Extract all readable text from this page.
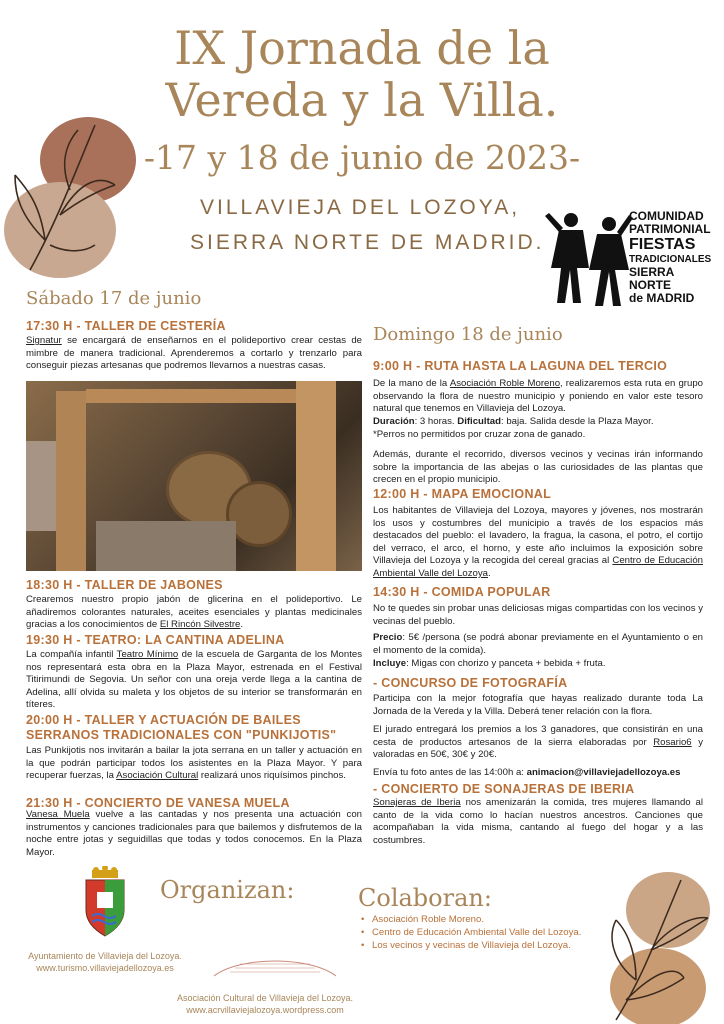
IX Jornada de la
Vereda y la Villa.
-17 y 18 de junio de 2023-
VILLAVIEJA DEL LOZOYA,
SIERRA NORTE DE MADRID.
COMUNIDAD
PATRIMONIAL
FIESTAS
TRADICIONALES
SIERRA NORTE
de MADRID
Sábado 17 de junio
17:30 H - TALLER DE CESTERÍA
Signatur se encargará de enseñarnos en el polideportivo crear cestas de mimbre de manera tradicional. Aprenderemos a cortarlo y trenzarlo para conseguir piezas artesanas que podremos llevarnos a nuestras casas.
18:30 H - TALLER DE JABONES
Crearemos nuestro propio jabón de glicerina en el polideportivo. Le añadiremos colorantes naturales, aceites esenciales y plantas medicinales gracias a los conocimientos de El Rincón Silvestre.
19:30 H - TEATRO: LA CANTINA ADELINA
La compañía infantil Teatro Mínimo de la escuela de Garganta de los Montes nos representará esta obra en la Plaza Mayor, estrenada en el Festival Titirimundi de Segovia. Un señor con una oreja verde llega a la cantina de Adelina, allí olvida su maleta y los objetos de su interior se transformarán en títeres.
20:00 H - TALLER Y ACTUACIÓN DE BAILES
SERRANOS TRADICIONALES CON "PUNKIJOTIS"
Las Punkijotis nos invitarán a bailar la jota serrana en un taller y actuación en la que podrán participar todos los asistentes en la Plaza Mayor. Y para recuperar fuerzas, la Asociación Cultural realizará unos riquísimos pinchos.
21:30 H - CONCIERTO DE VANESA MUELA
Vanesa Muela vuelve a las cantadas y nos presenta una actuación con instrumentos y canciones tradicionales para que bailemos y disfrutemos de la noche entre jotas y seguidillas que todas y todos conocemos. En la Plaza Mayor.
Domingo 18 de junio
9:00 H - RUTA HASTA LA LAGUNA DEL TERCIO
De la mano de la Asociación Roble Moreno, realizaremos esta ruta en grupo observando la flora de nuestro municipio y poniendo en valor este tesoro natural que tenemos en Villavieja del Lozoya.
Duración: 3 horas. Dificultad: baja. Salida desde la Plaza Mayor.
*Perros no permitidos por cruzar zona de ganado.
Además, durante el recorrido, diversos vecinos y vecinas irán informando sobre la importancia de las abejas o las curiosidades de las plantas que crecen en el propio municipio.
12:00 H - MAPA EMOCIONAL
Los habitantes de Villavieja del Lozoya, mayores y jóvenes, nos mostrarán los usos y costumbres del municipio a través de los espacios más destacados del pueblo: el lavadero, la fragua, la casona, el potro, el cortijo del verraco, el arco, el horno, y este año incluimos la exposición sobre Villavieja del Lozoya y la recogida del cereal gracias al Centro de Educación Ambiental Valle del Lozoya.
14:30 H - COMIDA POPULAR
No te quedes sin probar unas deliciosas migas compartidas con los vecinos y vecinas del pueblo.
Precio: 5€ /persona (se podrá abonar previamente en el Ayuntamiento o en el momento de la comida).
Incluye: Migas con chorizo y panceta + bebida + fruta.
- CONCURSO DE FOTOGRAFÍA
Participa con la mejor fotografía que hayas realizado durante toda La Jornada de la Vereda y la Villa. Deberá tener relación con la flora.
El jurado entregará los premios a los 3 ganadores, que consistirán en una cesta de productos artesanos de la sierra elaboradas por Rosario6 y valoradas en 50€, 30€ y 20€.
Envía tu foto antes de las 14:00h a: animacion@villaviejadellozoya.es
- CONCIERTO DE SONAJERAS DE IBERIA
Sonajeras de Iberia nos amenizarán la comida, tres mujeres llamando al canto de la vida como lo hacían nuestros ancestros. Canciones que acompañaban la vida misma, cantando al fuego del hogar y a las costumbres.
Organizan:
Ayuntamiento de Villavieja del Lozoya.
www.turismo.villaviejadellozoya.es
Asociación Cultural de Villavieja del Lozoya.
www.acrvillaviejalozoya.wordpress.com
Colaboran:
• Asociación Roble Moreno.
• Centro de Educación Ambiental Valle del Lozoya.
• Los vecinos y vecinas de Villavieja del Lozoya.
